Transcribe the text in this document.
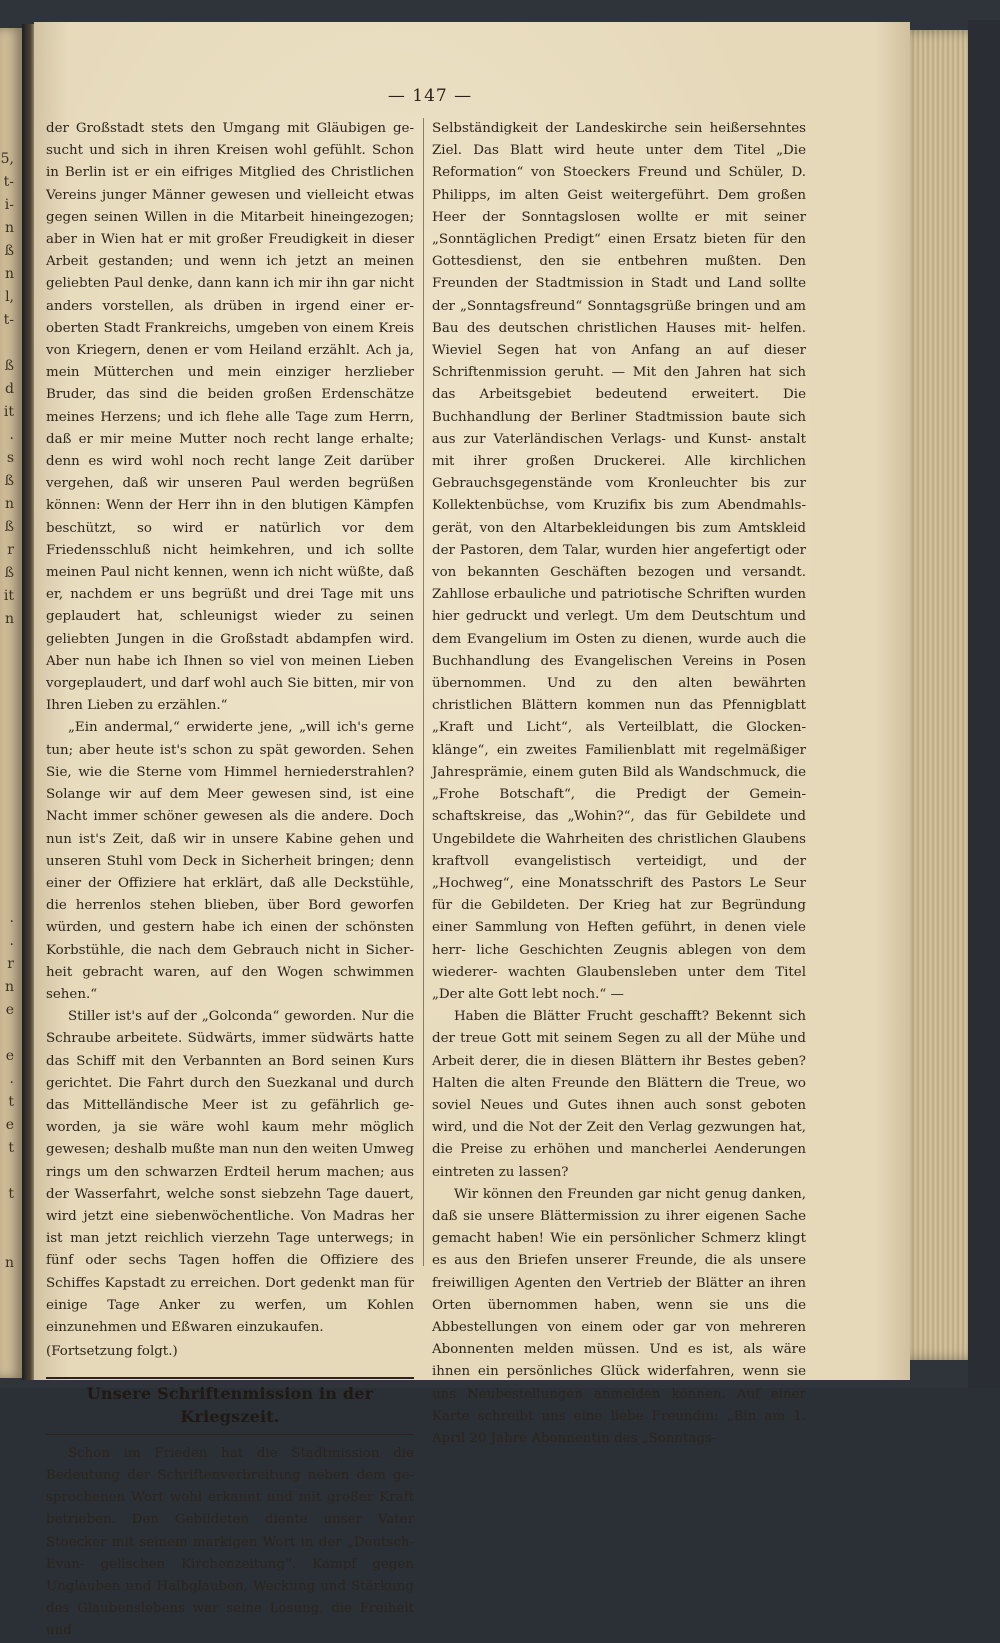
5,
t-
i-
n
ß
n
l,
t-

ß
d
it
.
s
ß
n
ß
r
ß
it
n

.
.
r
n
e

e
.
t
e
t

t

n
— 147 —

der Großstadt stets den Umgang mit Gläubigen ge- sucht und sich in ihren Kreisen wohl gefühlt. Schon in Berlin ist er ein eifriges Mitglied des Christlichen Vereins junger Männer gewesen und vielleicht etwas gegen seinen Willen in die Mitarbeit hineingezogen; aber in Wien hat er mit großer Freudigkeit in dieser Arbeit gestanden; und wenn ich jetzt an meinen geliebten Paul denke, dann kann ich mir ihn gar nicht anders vorstellen, als drüben in irgend einer er- oberten Stadt Frankreichs, umgeben von einem Kreis von Kriegern, denen er vom Heiland erzählt. Ach ja, mein Mütterchen und mein einziger herzlieber Bruder, das sind die beiden großen Erdenschätze meines Herzens; und ich flehe alle Tage zum Herrn, daß er mir meine Mutter noch recht lange erhalte; denn es wird wohl noch recht lange Zeit darüber vergehen, daß wir unseren Paul werden begrüßen können: Wenn der Herr ihn in den blutigen Kämpfen beschützt, so wird er natürlich vor dem Friedensschluß nicht heimkehren, und ich sollte meinen Paul nicht kennen, wenn ich nicht wüßte, daß er, nachdem er uns begrüßt und drei Tage mit uns geplaudert hat, schleunigst wieder zu seinen geliebten Jungen in die Großstadt abdampfen wird. Aber nun habe ich Ihnen so viel von meinen Lieben vorgeplaudert, und darf wohl auch Sie bitten, mir von Ihren Lieben zu erzählen.“

„Ein andermal,“ erwiderte jene, „will ich's gerne tun; aber heute ist's schon zu spät geworden. Sehen Sie, wie die Sterne vom Himmel herniederstrahlen? Solange wir auf dem Meer gewesen sind, ist eine Nacht immer schöner gewesen als die andere. Doch nun ist's Zeit, daß wir in unsere Kabine gehen und unseren Stuhl vom Deck in Sicherheit bringen; denn einer der Offiziere hat erklärt, daß alle Deckstühle, die herrenlos stehen blieben, über Bord geworfen würden, und gestern habe ich einen der schönsten Korbstühle, die nach dem Gebrauch nicht in Sicher- heit gebracht waren, auf den Wogen schwimmen sehen.“

Stiller ist's auf der „Golconda“ geworden. Nur die Schraube arbeitete. Südwärts, immer südwärts hatte das Schiff mit den Verbannten an Bord seinen Kurs gerichtet. Die Fahrt durch den Suezkanal und durch das Mittelländische Meer ist zu gefährlich ge- worden, ja sie wäre wohl kaum mehr möglich gewesen; deshalb mußte man nun den weiten Umweg rings um den schwarzen Erdteil herum machen; aus der Wasserfahrt, welche sonst siebzehn Tage dauert, wird jetzt eine siebenwöchentliche. Von Madras her ist man jetzt reichlich vierzehn Tage unterwegs; in fünf oder sechs Tagen hoffen die Offiziere des Schiffes Kapstadt zu erreichen. Dort gedenkt man für einige Tage Anker zu werfen, um Kohlen einzunehmen und Eßwaren einzukaufen.

(Fortsetzung folgt.)

Unsere Schriftenmission in der Kriegszeit.

Schon im Frieden hat die Stadtmission die Bedeutung der Schriftenverbreitung neben dem ge- sprochenen Wort wohl erkannt und mit großer Kraft betrieben. Den Gebildeten diente unser Vater Stoecker mit seinem markigen Wort in der „Deutsch-Evan- gelischen Kirchenzeitung“. Kampf gegen Unglauben und Halbglauben, Weckung und Stärkung des Glaubenslebens war seine Losung, die Freiheit und

Selbständigkeit der Landeskirche sein heißersehntes Ziel. Das Blatt wird heute unter dem Titel „Die Reformation“ von Stoeckers Freund und Schüler, D. Philipps, im alten Geist weitergeführt. Dem großen Heer der Sonntagslosen wollte er mit seiner „Sonntäglichen Predigt“ einen Ersatz bieten für den Gottesdienst, den sie entbehren mußten. Den Freunden der Stadtmission in Stadt und Land sollte der „Sonntagsfreund“ Sonntagsgrüße bringen und am Bau des deutschen christlichen Hauses mit- helfen. Wieviel Segen hat von Anfang an auf dieser Schriftenmission geruht. — Mit den Jahren hat sich das Arbeitsgebiet bedeutend erweitert. Die Buchhandlung der Berliner Stadtmission baute sich aus zur Vaterländischen Verlags- und Kunst- anstalt mit ihrer großen Druckerei. Alle kirchlichen Gebrauchsgegenstände vom Kronleuchter bis zur Kollektenbüchse, vom Kruzifix bis zum Abendmahls- gerät, von den Altarbekleidungen bis zum Amtskleid der Pastoren, dem Talar, wurden hier angefertigt oder von bekannten Geschäften bezogen und versandt. Zahllose erbauliche und patriotische Schriften wurden hier gedruckt und verlegt. Um dem Deutschtum und dem Evangelium im Osten zu dienen, wurde auch die Buchhandlung des Evangelischen Vereins in Posen übernommen. Und zu den alten bewährten christlichen Blättern kommen nun das Pfennigblatt „Kraft und Licht“, als Verteilblatt, die Glocken- klänge“, ein zweites Familienblatt mit regelmäßiger Jahresprämie, einem guten Bild als Wandschmuck, die „Frohe Botschaft“, die Predigt der Gemein- schaftskreise, das „Wohin?“, das für Gebildete und Ungebildete die Wahrheiten des christlichen Glaubens kraftvoll evangelistisch verteidigt, und der „Hochweg“, eine Monatsschrift des Pastors Le Seur für die Gebildeten. Der Krieg hat zur Begründung einer Sammlung von Heften geführt, in denen viele herr- liche Geschichten Zeugnis ablegen von dem wiederer- wachten Glaubensleben unter dem Titel „Der alte Gott lebt noch.“ —

Haben die Blätter Frucht geschafft? Bekennt sich der treue Gott mit seinem Segen zu all der Mühe und Arbeit derer, die in diesen Blättern ihr Bestes geben? Halten die alten Freunde den Blättern die Treue, wo soviel Neues und Gutes ihnen auch sonst geboten wird, und die Not der Zeit den Verlag gezwungen hat, die Preise zu erhöhen und mancherlei Aenderungen eintreten zu lassen?

Wir können den Freunden gar nicht genug danken, daß sie unsere Blättermission zu ihrer eigenen Sache gemacht haben! Wie ein persönlicher Schmerz klingt es aus den Briefen unserer Freunde, die als unsere freiwilligen Agenten den Vertrieb der Blätter an ihren Orten übernommen haben, wenn sie uns die Abbestellungen von einem oder gar von mehreren Abonnenten melden müssen. Und es ist, als wäre ihnen ein persönliches Glück widerfahren, wenn sie uns Neubestellungen anmelden können. Auf einer Karte schreibt uns eine liebe Freundin: „Bin am 1. April 20 Jahre Abonnentin des „Sonntags-
